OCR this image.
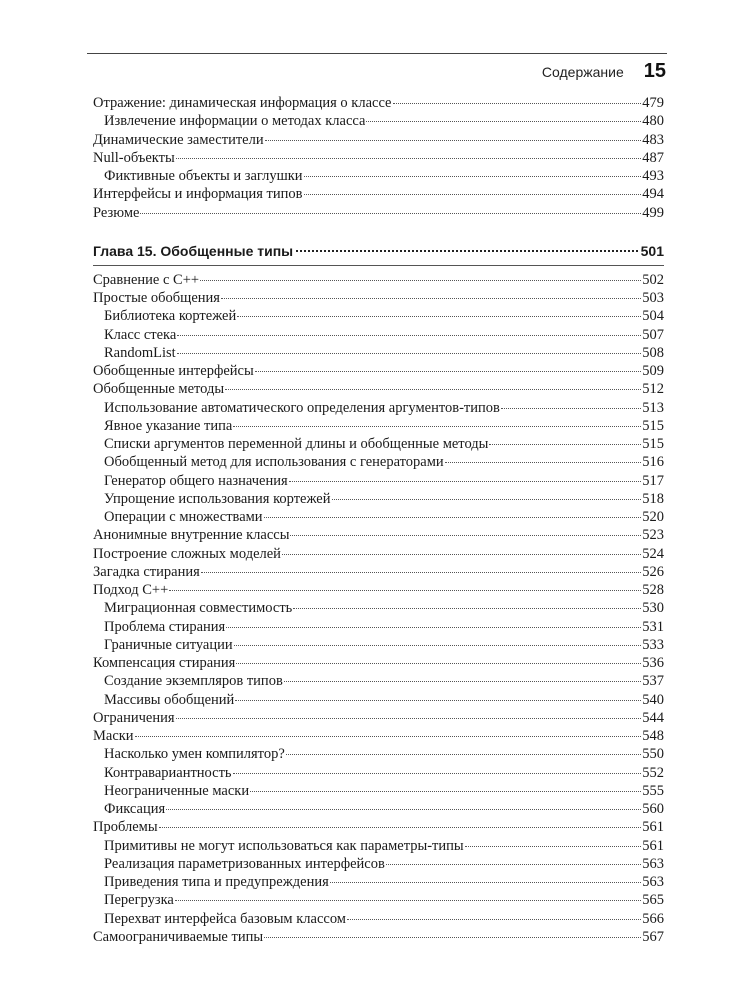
Содержание 15
Отражение: динамическая информация о классе	479
Извлечение информации о методах класса	480
Динамические заместители	483
Null-объекты	487
Фиктивные объекты и заглушки	493
Интерфейсы и информация типов	494
Резюме	499
Глава 15. Обобщенные типы	501
Сравнение с C++	502
Простые обобщения	503
Библиотека кортежей	504
Класс стека	507
RandomList	508
Обобщенные интерфейсы	509
Обобщенные методы	512
Использование автоматического определения аргументов-типов	513
Явное указание типа	515
Списки аргументов переменной длины и обобщенные методы	515
Обобщенный метод для использования с генераторами	516
Генератор общего назначения	517
Упрощение использования кортежей	518
Операции с множествами	520
Анонимные внутренние классы	523
Построение сложных моделей	524
Загадка стирания	526
Подход C++	528
Миграционная совместимость	530
Проблема стирания	531
Граничные ситуации	533
Компенсация стирания	536
Создание экземпляров типов	537
Массивы обобщений	540
Ограничения	544
Маски	548
Насколько умен компилятор?	550
Контравариантность	552
Неограниченные маски	555
Фиксация	560
Проблемы	561
Примитивы не могут использоваться как параметры-типы	561
Реализация параметризованных интерфейсов	563
Приведения типа и предупреждения	563
Перегрузка	565
Перехват интерфейса базовым классом	566
Самоограничиваемые типы	567
